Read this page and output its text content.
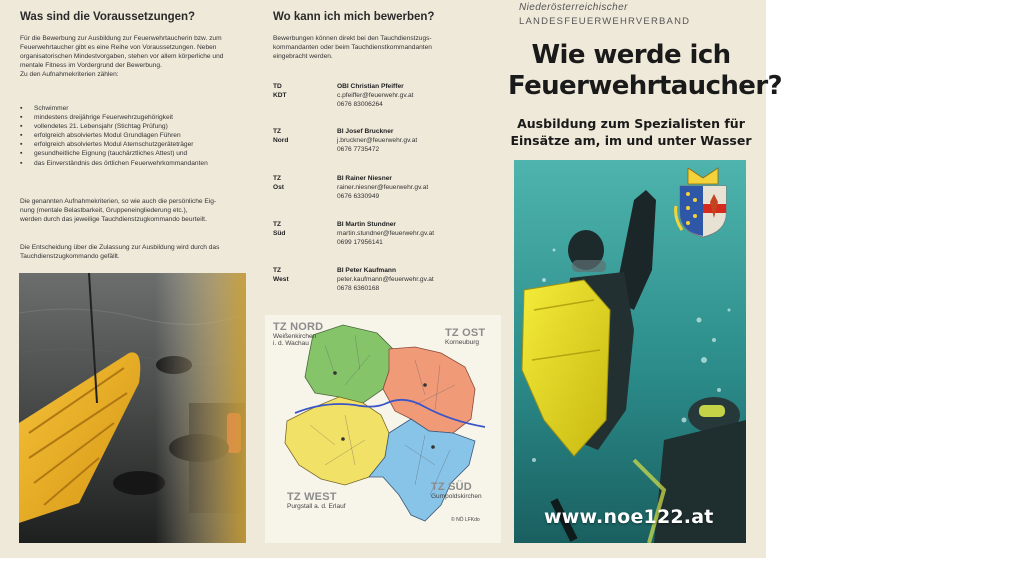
Was sind die Voraussetzungen?
Für die Bewerbung zur Ausbildung zur Feuerwehrtaucherin bzw. zum
Feuerwehrtaucher gibt es eine Reihe von Voraussetzungen. Neben
organisatorischen Mindestvorgaben, stehen vor allem körperliche und
mentale Fitness im Vordergrund der Bewerbung.
Zu den Aufnahmekriterien zählen:
▪ Schwimmer
▪ mindestens dreijährige Feuerwehrzugehörigkeit
▪ vollendetes 21. Lebensjahr (Stichtag Prüfung)
▪ erfolgreich absolviertes Modul Grundlagen Führen
▪ erfolgreich absolviertes Modul Atemschutzgeräteträger
▪ gesundheitliche Eignung (tauchärztliches Attest) und
▪ das Einverständnis des örtlichen Feuerwehrkommandanten
Die genannten Aufnahmekriterien, so wie auch die persönliche Eig-
nung (mentale Belastbarkeit, Gruppeneingliederung etc.),
werden durch das jeweilige Tauchdienstzugkommando beurteilt.
Die Entscheidung über die Zulassung zur Ausbildung wird durch das
Tauchdienstzugkommando gefällt.
Wo kann ich mich bewerben?
Bewerbungen können direkt bei den Tauchdienstzugs-
kommandanten oder beim Tauchdienstkommandanten
eingebracht werden.
TD KDT
OBI Christian Pfeiffer
c.pfeiffer@feuerwehr.gv.at
0676 83006264
TZ Nord
BI Josef Bruckner
j.bruckner@feuerwehr.gv.at
0676 7735472
TZ Ost
BI Rainer Niesner
rainer.niesner@feuerwehr.gv.at
0676 6330949
TZ Süd
BI Martin Stundner
martin.stundner@feuerwehr.gv.at
0699 17956141
TZ West
BI Peter Kaufmann
peter.kaufmann@feuerwehr.gv.at
0678 6360168
TZ NORD
Weißenkirchen
i. d. Wachau
TZ OST
Korneuburg
TZ WEST
Purgstall a. d. Erlauf
TZ SÜD
Gumpoldskirchen
© NÖ LFKdo
Niederösterreichischer
LANDESFEUERWEHRVERBAND
Wie werde ich
Feuerwehrtaucher?
Ausbildung zum Spezialisten für
Einsätze am, im und unter Wasser
www.noe122.at
